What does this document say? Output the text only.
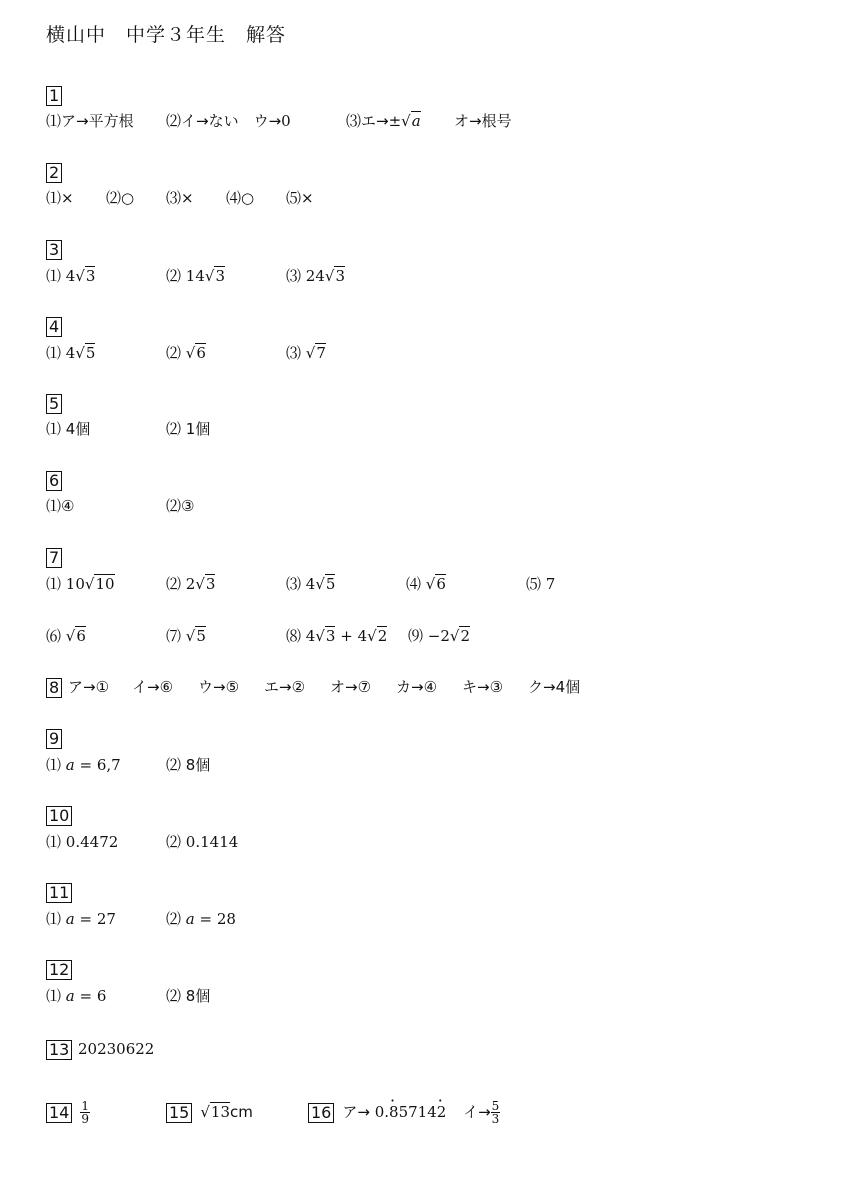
横山中　中学３年生　解答
1
⑴ア→平方根 ⑵イ→ない　ウ→0	⑶エ→±√a オ→根号
2
⑴× ⑵○ ⑶× ⑷○ ⑸×
3
⑴ 4√3	⑵ 14√3	⑶ 24√3
4
⑴ 4√5	⑵ √6	⑶ √7
5
⑴ 4個	⑵ 1個
6
⑴④	⑵③
7
⑴ 10√10	⑵ 2√3	⑶ 4√5	⑷ √6	⑸ 7
⑹ √6	⑺ √5	⑻ 4√3 + 4√2 ⑼ −2√2
8 ア→① イ→⑥ ウ→⑤ エ→② オ→⑦ カ→④ キ→③ ク→4個
9
⑴ a = 6,7	⑵ 8個
10
⑴ 0.4472	⑵ 0.1414
11
⑴ a = 27	⑵ a = 28
12
⑴ a = 6	⑵ 8個
13 20230622
$14 \frac{1}{9}$	15 √13cm	16 ア→ 0.· 85714· 2 イ→ $\frac{5}{3}$
